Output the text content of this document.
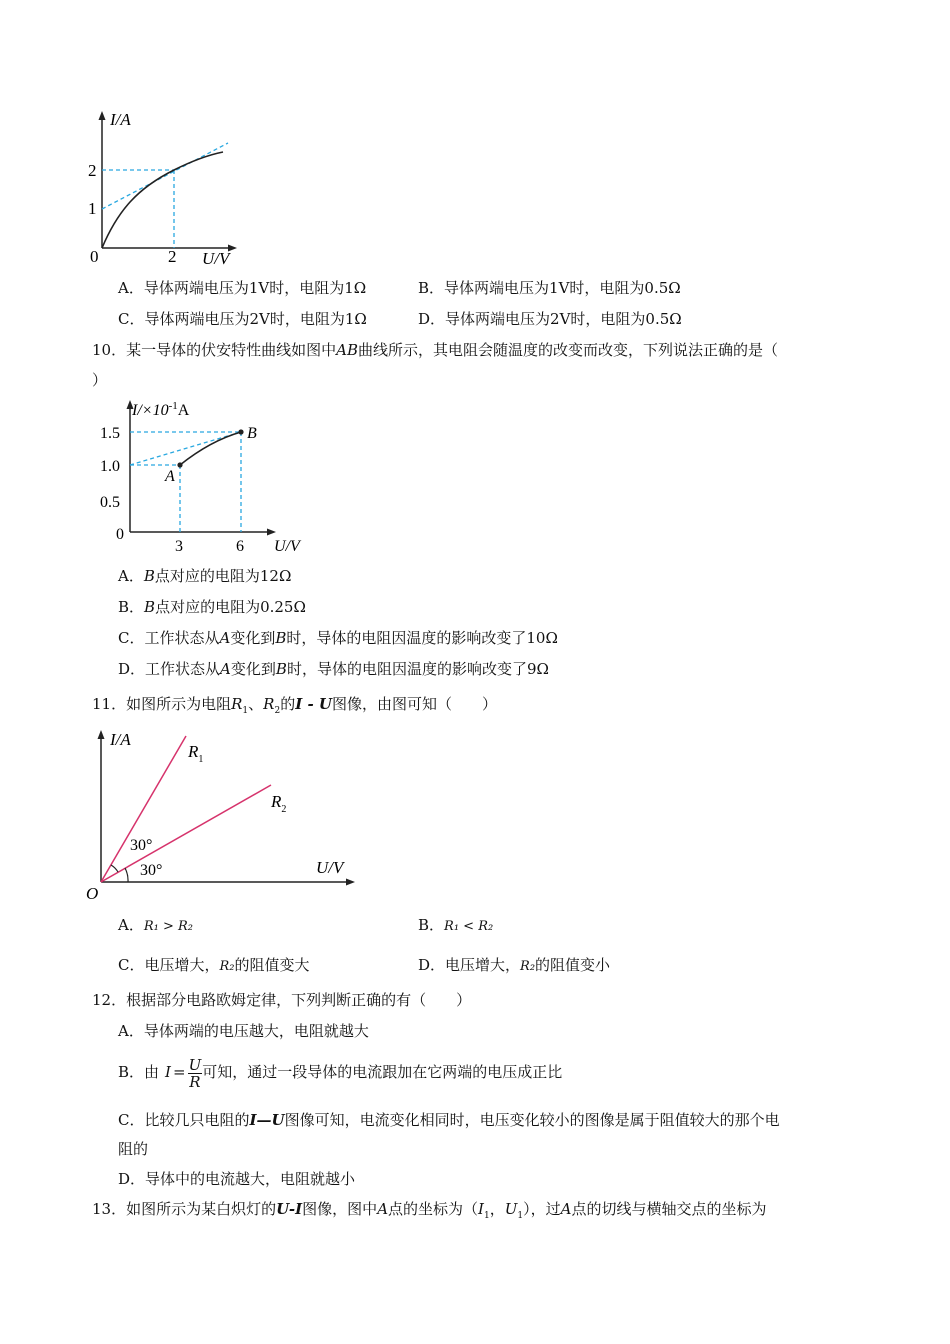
I/A
2
1
0	2 U/V
A．导体两端电压为1V时，电阻为1Ω	B．导体两端电压为1V时，电阻为0.5Ω
C．导体两端电压为2V时，电阻为1Ω	D．导体两端电压为2V时，电阻为0.5Ω
10．某一导体的伏安特性曲线如图中AB曲线所示，其电阻会随温度的改变而改变，下列说法正确的是（
）
$I/\times 10^{-1}A$
1.5
1.0
0.5
0
3	6 U/V
A
B
A．B点对应的电阻为12Ω
B．B点对应的电阻为0.25Ω
C．工作状态从A变化到B时，导体的电阻因温度的影响改变了10Ω
D．工作状态从A变化到B时，导体的电阻因温度的影响改变了9Ω
11．如图所示为电阻$R_1$、$R_2$的I - U图像，由图可知（　　）
I/A
U/V
O
$R_1$
$R_2$
30°
30°
A．R₁ > R₂	B．R₁ < R₂
C．电压增大，R₂的阻值变大	D．电压增大，R₂的阻值变小
12．根据部分电路欧姆定律，下列判断正确的有（　　）
A．导体两端的电压越大，电阻就越大
B．由 $I = \frac{U}{R}$ 可知，通过一段导体的电流跟加在它两端的电压成正比
C．比较几只电阻的I—U图像可知，电流变化相同时，电压变化较小的图像是属于阻值较大的那个电
阻的
D．导体中的电流越大，电阻就越小
13．如图所示为某白炽灯的U-I图像，图中A点的坐标为（$I_1$，$U_1$），过A点的切线与横轴交点的坐标为
